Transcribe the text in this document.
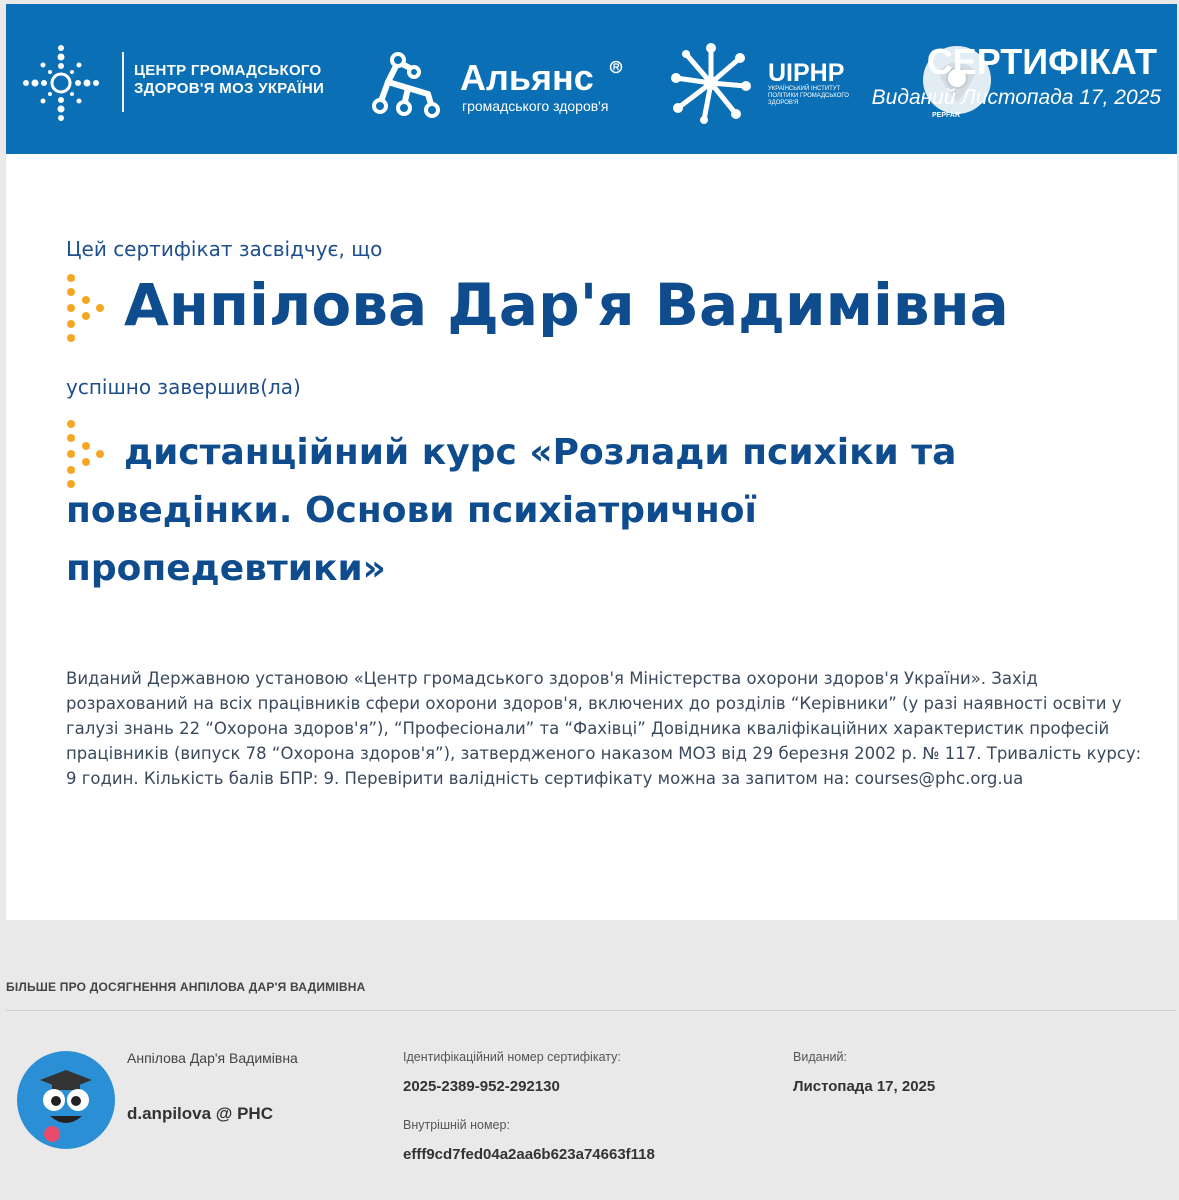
ЦЕНТР ГРОМАДСЬКОГО
ЗДОРОВ'Я МОЗ УКРАЇНИ	Альянс
громадського здоров'я
UIPHP
УКРАЇНСЬКИЙ ІНСТИТУТ ПОЛІТИКИ ГРОМАДСЬКОГО ЗДОРОВ'Я
PEPFAR
СЕРТИФІКАТ
Виданий Листопада 17, 2025
Цей сертифікат засвідчує, що
Анпілова Дар'я Вадимівна
успішно завершив(ла)
дистанційний курс «Розлади психіки та поведінки. Основи психіатричної пропедевтики»
Виданий Державною установою «Центр громадського здоров'я Міністерства охорони здоров'я України». Захід розрахований на всіх працівників сфери охорони здоров'я, включених до розділів “Керівники” (у разі наявності освіти у галузі знань 22 “Охорона здоров'я”), “Професіонали” та “Фахівці” Довідника кваліфікаційних характеристик професій працівників (випуск 78 “Охорона здоров'я”), затвердженого наказом МОЗ від 29 березня 2002 р. № 117. Тривалість курсу: 9 годин. Кількість балів БПР: 9. Перевірити валідність сертифікату можна за запитом на: courses@phc.org.ua
БІЛЬШЕ ПРО ДОСЯГНЕННЯ АНПІЛОВА ДАР'Я ВАДИМІВНА
Анпілова Дар'я Вадимівна
d.anpilova @ PHC
Ідентифікаційний номер сертифікату:
2025-2389-952-292130
Внутрішній номер:
efff9cd7fed04a2aa6b623a74663f118
Виданий:
Листопада 17, 2025
